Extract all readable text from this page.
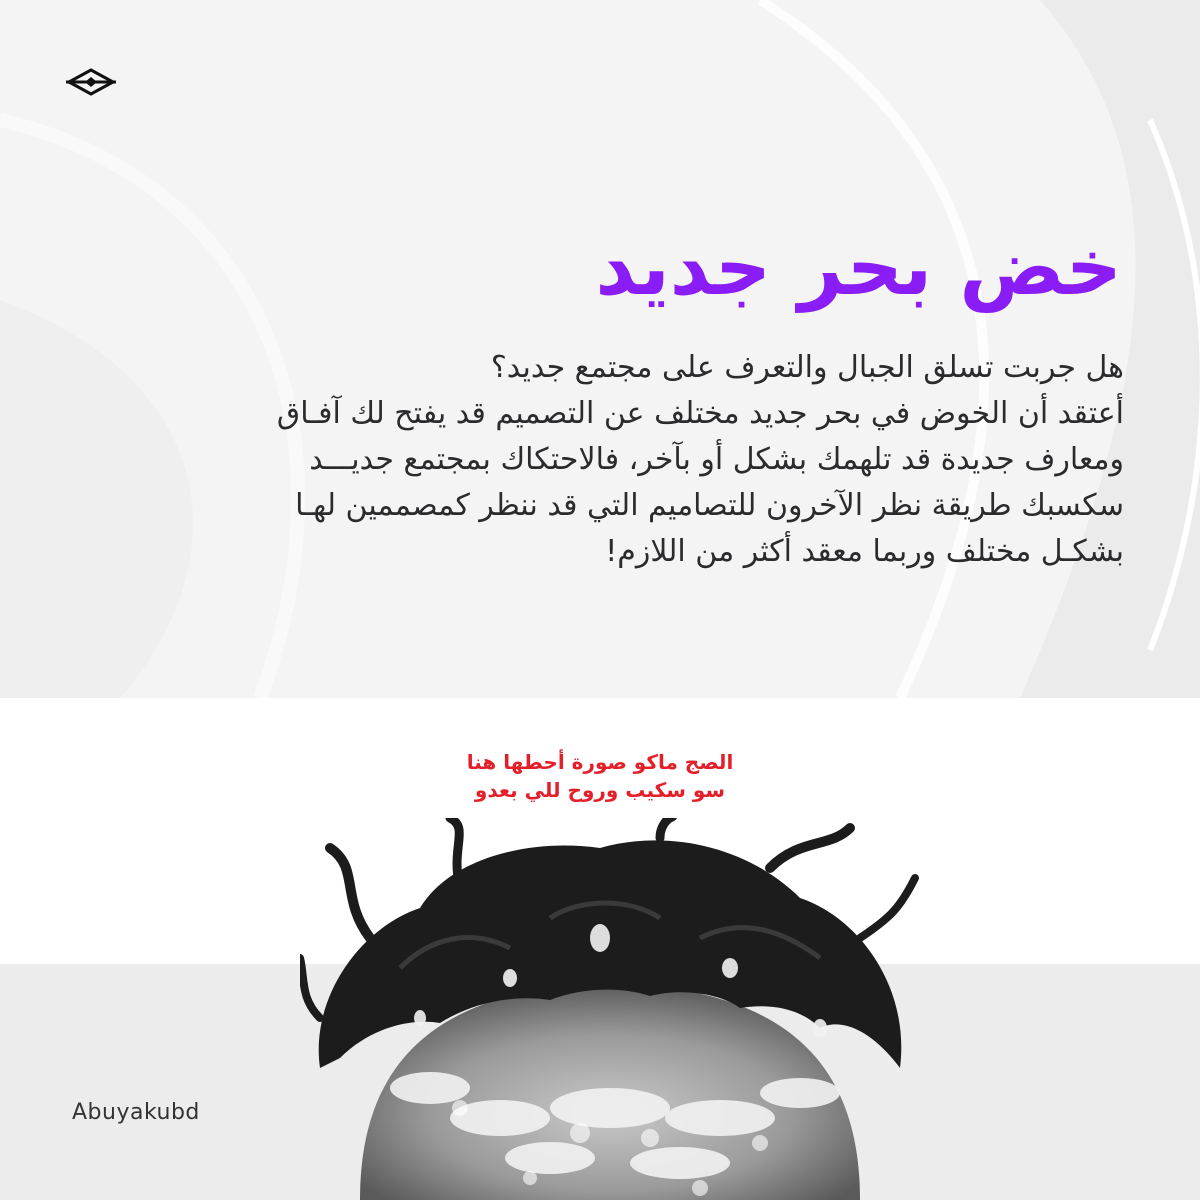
خض بحر جديد

هل جربت تسلق الجبال والتعرف على مجتمع جديد؟
أعتقد أن الخوض في بحر جديد مختلف عن التصميم قد يفتح لك آفـاق
ومعارف جديدة قد تلهمك بشكل أو بآخر، فالاحتكاك بمجتمع جديـــد
سكسبك طريقة نظر الآخرون للتصاميم التي قد ننظر كمصممين لهـا
بشكـل مختلف وربما معقد أكثر من اللازم!

الصج ماكو صورة أحطها هنا
سو سكيب وروح للي بعدو
Abuyakubd
